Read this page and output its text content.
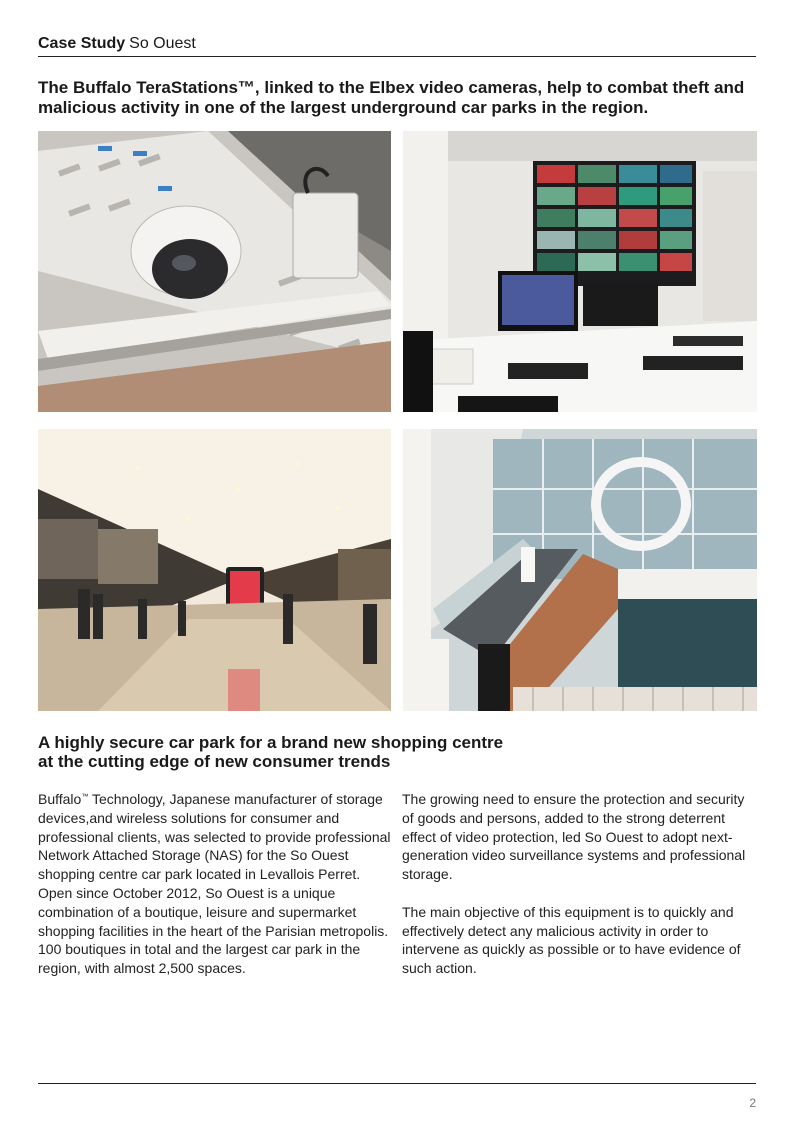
Case Study So Ouest
The Buffalo TeraStations™, linked to the Elbex video cameras, help to combat theft and malicious activity in one of the largest underground car parks in the region.
A highly secure car park for a brand new shopping centre
at the cutting edge of new consumer trends

Buffalo™ Technology, Japanese manufacturer of storage devices,and wireless solutions for consumer and professional clients, was selected to provide professional Network Attached Storage (NAS) for the So Ouest shopping centre car park located in Levallois Perret. Open since October 2012, So Ouest is a unique combination of a boutique, leisure and supermarket shopping facilities in the heart of the Parisian metropolis. 100 boutiques in total and the largest car park in the region, with almost 2,500 spaces.

The growing need to ensure the protection and security of goods and persons, added to the strong deterrent effect of video protection, led So Ouest to adopt next-generation video surveillance systems and professional storage.

The main objective of this equipment is to quickly and effectively detect any malicious activity in order to intervene as quickly as possible or to have evidence of such action.

2
